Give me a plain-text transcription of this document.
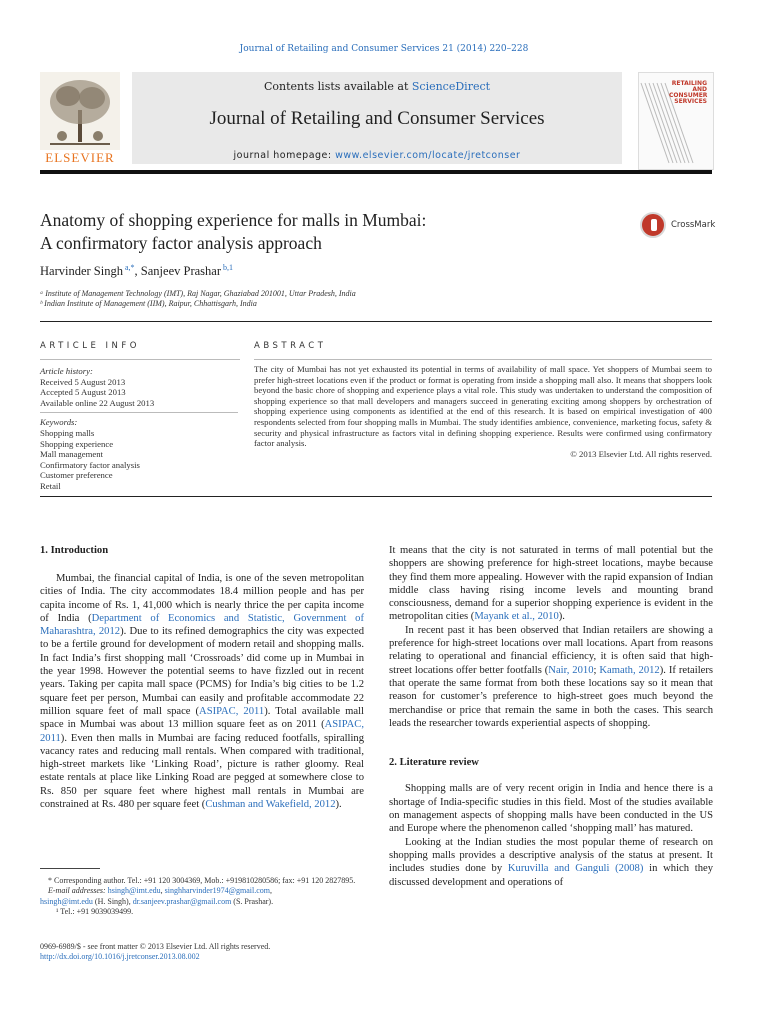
Journal of Retailing and Consumer Services 21 (2014) 220–228
ELSEVIER
Contents lists available at ScienceDirect
Journal of Retailing and Consumer Services
journal homepage: www.elsevier.com/locate/jretconser
RETAILING AND CONSUMER SERVICES
Anatomy of shopping experience for malls in Mumbai:
A confirmatory factor analysis approach
CrossMark
Harvinder Singh $^{a,*}$, Sanjeev Prashar $^{b,1}$
ᵃ Institute of Management Technology (IMT), Raj Nagar, Ghaziabad 201001, Uttar Pradesh, India
ᵇ Indian Institute of Management (IIM), Raipur, Chhattisgarh, India
ARTICLE INFO	ABSTRACT
Article history:
Received 5 August 2013
Accepted 5 August 2013
Available online 22 August 2013
Keywords:
Shopping malls
Shopping experience
Mall management
Confirmatory factor analysis
Customer preference
Retail
The city of Mumbai has not yet exhausted its potential in terms of availability of mall space. Yet shoppers of Mumbai seem to prefer high-street locations even if the product or format is operating from inside a shopping mall also. It means that shoppers look beyond the basic chore of shopping and experience plays a vital role. This study was undertaken to understand the composition of shopping experience so that mall developers and managers succeed in generating exciting among shoppers by orchestration of shopping experience using components as identified at the end of this research. It is based on empirical investigation of 400 respondents selected from four shopping malls in Mumbai. The study identifies ambience, convenience, marketing focus, safety & security and physical infrastructure as factors vital in defining shopping experience. Results were confirmed using confirmatory factor analysis.
© 2013 Elsevier Ltd. All rights reserved.
1. Introduction

Mumbai, the financial capital of India, is one of the seven metropolitan cities of India. The city accommodates 18.4 million people and has per capita income of Rs. 1, 41,000 which is nearly thrice the per capita income of India (Department of Economics and Statistic, Government of Maharashtra, 2012). Due to its refined demographics the city was expected to be a fertile ground for development of modern retail and shopping malls. In fact India’s first shopping mall ‘Crossroads’ did come up in Mumbai in the year 1998. However the potential seems to have fizzled out in recent years. Taking per capita mall space (PCMS) for India’s big cities to be 1.2 square feet per person, Mumbai can easily and profitable accommodate 22 million square feet of mall space (ASIPAC, 2011). Total available mall space in Mumbai was about 13 million square feet as on 2011 (ASIPAC, 2011). Even then malls in Mumbai are facing reduced footfalls, spiralling vacancy rates and reducing mall rentals. When compared with traditional, high-street markets like ‘Linking Road’, picture is rather gloomy. Real estate rentals at place like Linking Road are pegged at somewhere close to Rs. 850 per square feet where highest mall rentals in Mumbai are constrained at Rs. 480 per square feet (Cushman and Wakefield, 2012).

It means that the city is not saturated in terms of mall potential but the shoppers are showing preference for high-street locations, maybe because they find them more appealing. However with the rapid expansion of Indian middle class having rising income levels and mounting brand consciousness, demand for a superior shopping experience is evident in the metropolitan cities (Mayank et al., 2010).

In recent past it has been observed that Indian retailers are showing a preference for high-street locations over mall locations. Apart from reasons relating to operational and financial efficiency, it is often said that high-street locations offer better footfalls (Nair, 2010; Kamath, 2012). If retailers that operate the same format from both these locations say so it mean that reason for customer’s preference to high-street goes much beyond the merchandise or price that remain the same in both the cases. This search leads the researcher towards experiential aspects of shopping.

2. Literature review

Shopping malls are of very recent origin in India and hence there is a shortage of India-specific studies in this field. Most of the studies available on management aspects of shopping malls have been conducted in the US and Europe where the phenomenon called ‘shopping mall’ has matured.

Looking at the Indian studies the most popular theme of research on shopping malls provides a descriptive analysis of the status at present. It includes studies done by Kuruvilla and Ganguli (2008) in which they discussed development and operations of

* Corresponding author. Tel.: +91 120 3004369, Mob.: +919810280586; fax: +91 120 2827895.
E-mail addresses: hsingh@imt.edu, singhharvinder1974@gmail.com,
hsingh@imt.edu (H. Singh), dr.sanjeev.prashar@gmail.com (S. Prashar).
¹ Tel.: +91 9039039499.
0969-6989/$ - see front matter © 2013 Elsevier Ltd. All rights reserved.
http://dx.doi.org/10.1016/j.jretconser.2013.08.002
